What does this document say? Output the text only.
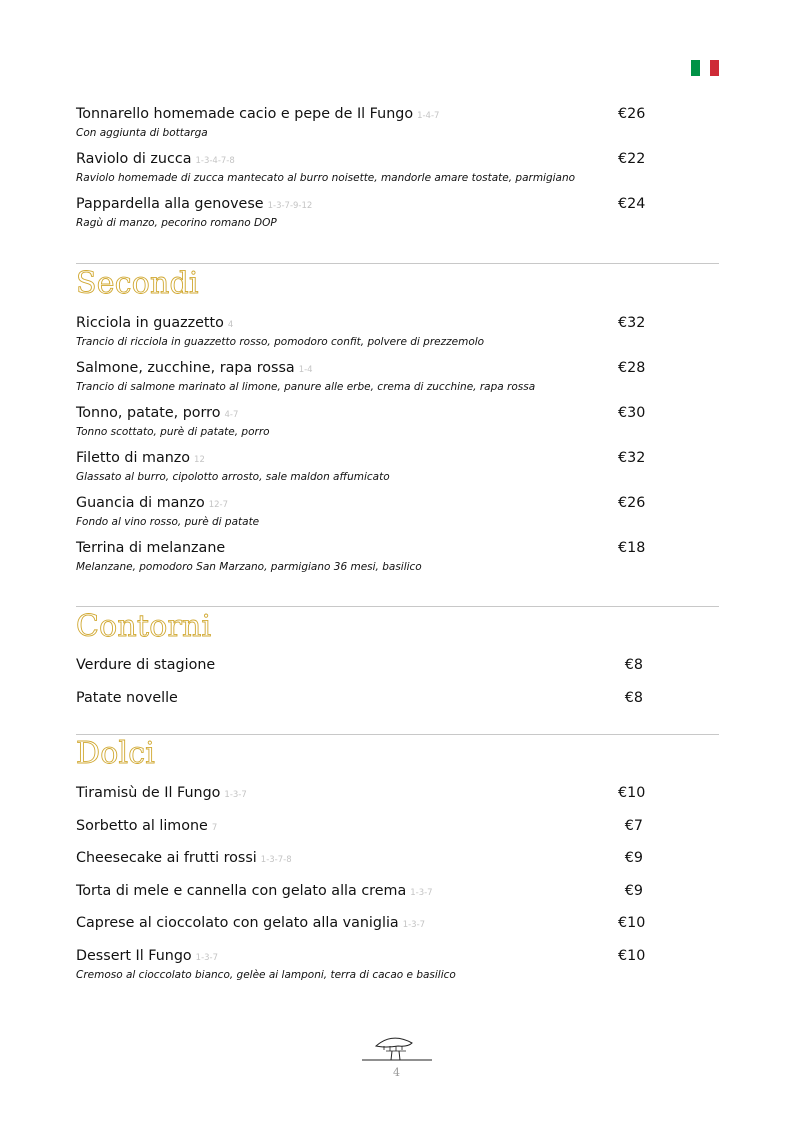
Tonnarello homemade cacio e pepe de Il Fungo 1-4-7
Con aggiunta di bottarga
€26
Raviolo di zucca 1-3-4-7-8
Raviolo homemade di zucca mantecato al burro noisette, mandorle amare tostate, parmigiano
€22
Pappardella alla genovese 1-3-7-9-12
Ragù di manzo, pecorino romano DOP
€24
Secondi
Ricciola in guazzetto 4
Trancio di ricciola in guazzetto rosso, pomodoro confit, polvere di prezzemolo
€32
Salmone, zucchine, rapa rossa 1-4
Trancio di salmone marinato al limone, panure alle erbe, crema di zucchine, rapa rossa
€28
Tonno, patate, porro 4-7
Tonno scottato, purè di patate, porro
€30
Filetto di manzo 12
Glassato al burro, cipolotto arrosto, sale maldon affumicato
€32
Guancia di manzo 12-7
Fondo al vino rosso, purè di patate
€26
Terrina di melanzane
Melanzane, pomodoro San Marzano, parmigiano 36 mesi, basilico
€18
Contorni
Verdure di stagione	€8
Patate novelle	€8
Dolci
Tiramisù de Il Fungo 1-3-7	€10
Sorbetto al limone 7	€7
Cheesecake ai frutti rossi 1-3-7-8	€9
Torta di mele e cannella con gelato alla crema 1-3-7	€9
Caprese al cioccolato con gelato alla vaniglia 1-3-7	€10
Dessert Il Fungo 1-3-7
Cremoso al cioccolato bianco, gelèe ai lamponi, terra di cacao e basilico
€10
4
